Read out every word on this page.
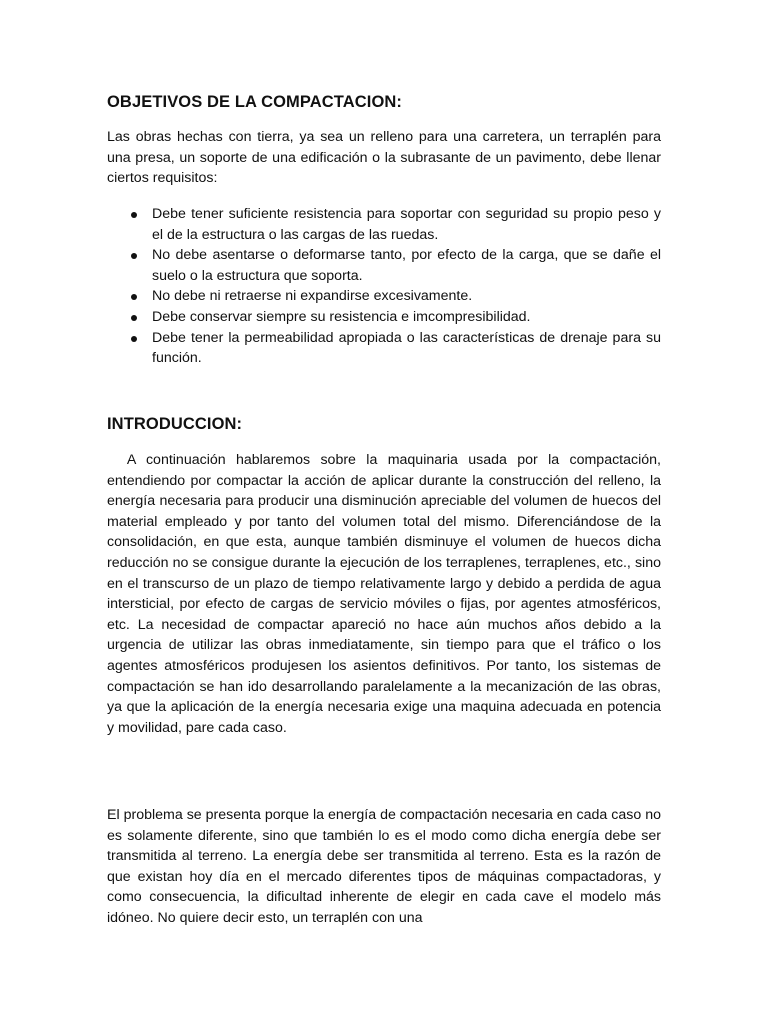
OBJETIVOS DE LA COMPACTACION:

Las obras hechas con tierra, ya sea un relleno para una carretera, un terraplén para una presa, un soporte de una edificación o la subrasante de un pavimento, debe llenar ciertos requisitos:

Debe tener suficiente resistencia para soportar con seguridad su propio peso y el de la estructura o las cargas de las ruedas.
No debe asentarse o deformarse tanto, por efecto de la carga, que se dañe el suelo o la estructura que soporta.
No debe ni retraerse ni expandirse excesivamente.
Debe conservar siempre su resistencia e imcompresibilidad.
Debe tener la permeabilidad apropiada o las características de drenaje para su función.
INTRODUCCION:

A continuación hablaremos sobre la maquinaria usada por la compactación, entendiendo por compactar la acción de aplicar durante la construcción del relleno, la energía necesaria para producir una disminución apreciable del volumen de huecos del material empleado y por tanto del volumen total del mismo. Diferenciándose de la consolidación, en que esta, aunque también disminuye el volumen de huecos dicha reducción no se consigue durante la ejecución de los terraplenes, terraplenes, etc., sino en el transcurso de un plazo de tiempo relativamente largo y debido a perdida de agua intersticial, por efecto de cargas de servicio móviles o fijas, por agentes atmosféricos, etc. La necesidad de compactar apareció no hace aún muchos años debido a la urgencia de utilizar las obras inmediatamente, sin tiempo para que el tráfico o los agentes atmosféricos produjesen los asientos definitivos. Por tanto, los sistemas de compactación se han ido desarrollando paralelamente a la mecanización de las obras, ya que la aplicación de la energía necesaria exige una maquina adecuada en potencia y movilidad, pare cada caso.

El problema se presenta porque la energía de compactación necesaria en cada caso no es solamente diferente, sino que también lo es el modo como dicha energía debe ser transmitida al terreno. La energía debe ser transmitida al terreno. Esta es la razón de que existan hoy día en el mercado diferentes tipos de máquinas compactadoras, y como consecuencia, la dificultad inherente de elegir en cada cave el modelo más idóneo. No quiere decir esto, un terraplén con una
